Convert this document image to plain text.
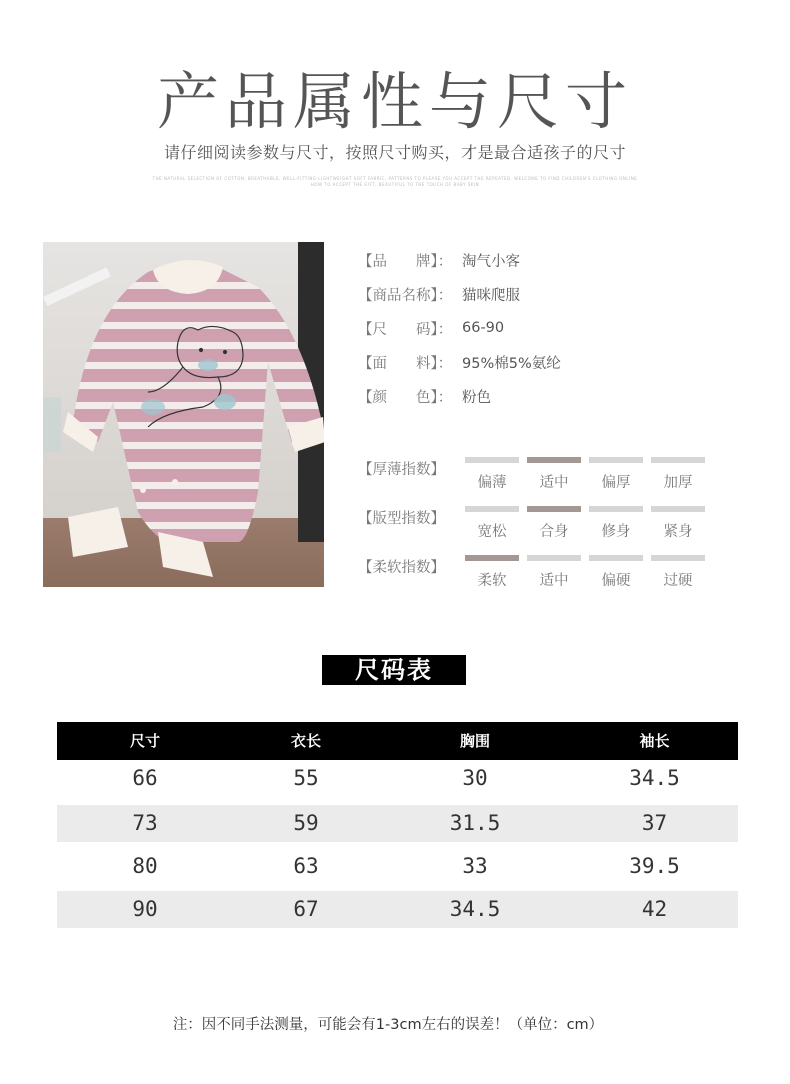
产品属性与尺寸
请仔细阅读参数与尺寸，按照尺寸购买，才是最合适孩子的尺寸
THE NATURAL SELECTION OF COTTON, BREATHABLE, WELL-FITTING LIGHTWEIGHT SOFT FABRIC, PATTERNS TO PLEASE YOU ACCEPT THE REPEATED. WELCOME TO FIND CHILDREN'S CLOTHING ONLINE
HOW TO ACCEPT THE GIFT, BEAUTIFUL TO THE TOUCH OF BABY SKIN
【品　　牌】： 淘气小客
【商品名称】： 猫咪爬服
【尺　　码】： 66-90
【面　　料】： 95%棉5%氨纶
【颜　　色】： 粉色
【厚薄指数】
偏薄	适中	偏厚	加厚
【版型指数】
宽松	合身	修身	紧身
【柔软指数】
柔软	适中	偏硬	过硬
尺码表
尺寸	衣长	胸围	袖长
66	55	30	34.5
73	59	31.5	37
80	63	33	39.5
90	67	34.5	42
注：因不同手法测量，可能会有1-3cm左右的误差！（单位：cm）
